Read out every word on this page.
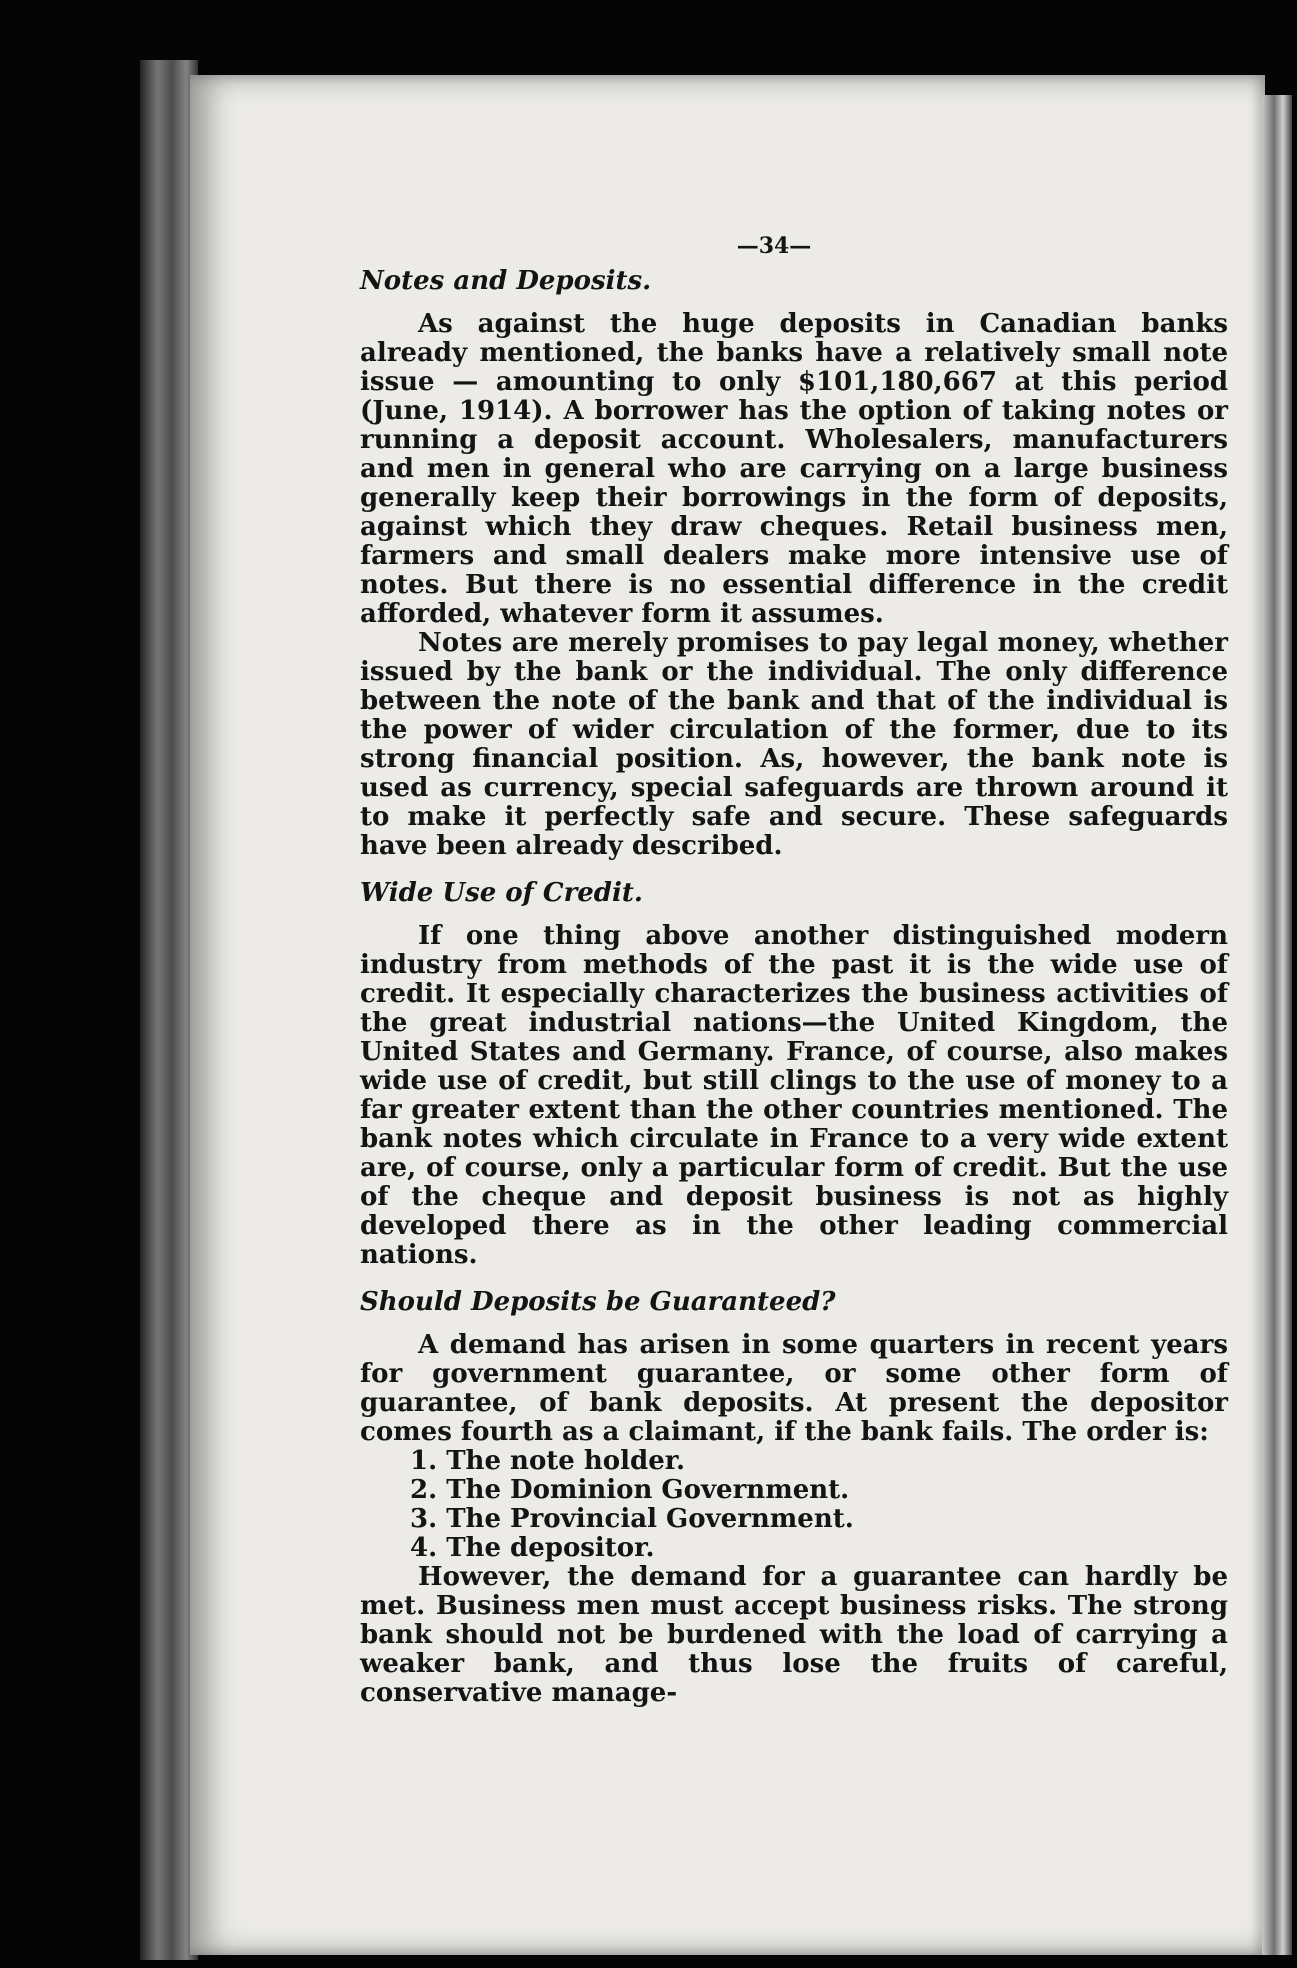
—34—

Notes and Deposits.

As against the huge deposits in Canadian banks already mentioned, the banks have a relatively small note issue — amounting to only $101,180,667 at this period (June, 1914). A borrower has the option of taking notes or running a deposit account. Wholesalers, manufacturers and men in general who are carrying on a large business generally keep their borrowings in the form of deposits, against which they draw cheques. Retail business men, farmers and small dealers make more intensive use of notes. But there is no essential difference in the credit afforded, whatever form it assumes.

Notes are merely promises to pay legal money, whether issued by the bank or the individual. The only difference between the note of the bank and that of the individual is the power of wider circulation of the former, due to its strong financial position. As, however, the bank note is used as currency, special safeguards are thrown around it to make it perfectly safe and secure. These safeguards have been already described.

Wide Use of Credit.

If one thing above another distinguished modern industry from methods of the past it is the wide use of credit. It especially characterizes the business activities of the great industrial nations—the United Kingdom, the United States and Germany. France, of course, also makes wide use of credit, but still clings to the use of money to a far greater extent than the other countries mentioned. The bank notes which circulate in France to a very wide extent are, of course, only a particular form of credit. But the use of the cheque and deposit business is not as highly developed there as in the other leading commercial nations.

Should Deposits be Guaranteed?

A demand has arisen in some quarters in recent years for government guarantee, or some other form of guarantee, of bank deposits. At present the depositor comes fourth as a claimant, if the bank fails. The order is:

1. The note holder.
2. The Dominion Government.
3. The Provincial Government.
4. The depositor.

However, the demand for a guarantee can hardly be met. Business men must accept business risks. The strong bank should not be burdened with the load of carrying a weaker bank, and thus lose the fruits of careful, conservative manage-
